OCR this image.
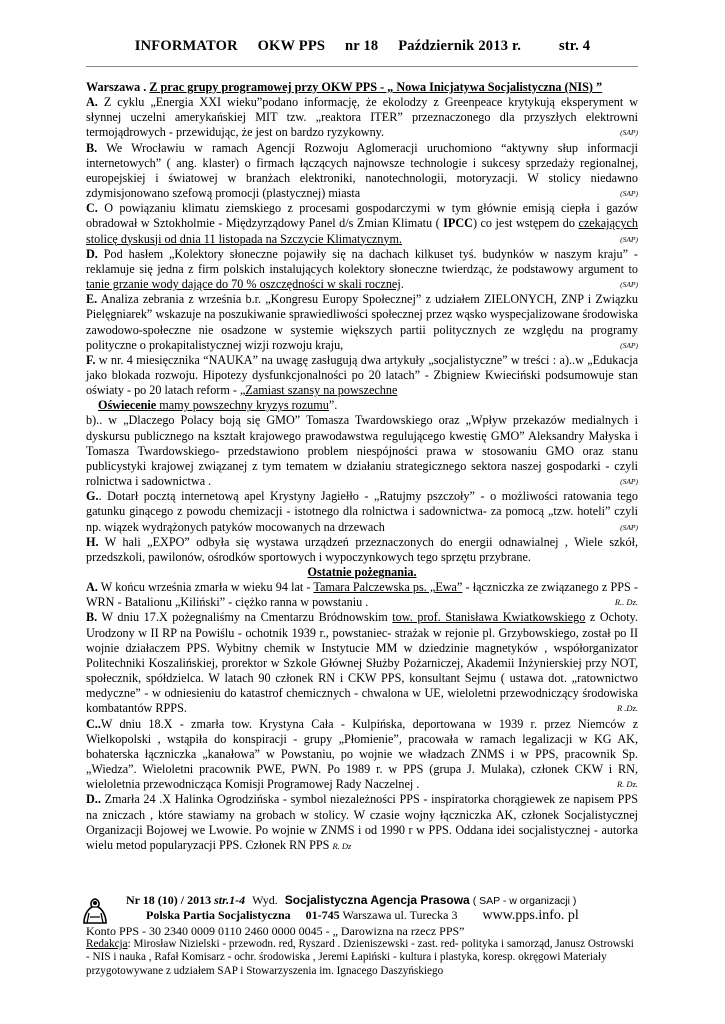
INFORMATOR OKW PPS nr 18 Październik 2013 r.	str. 4

Warszawa . Z prac grupy programowej przy OKW PPS - „ Nowa Inicjatywa Socjalistyczna (NIS) ”

A. Z cyklu „Energia XXI wieku”podano informację, że ekolodzy z Greenpeace krytykują eksperyment w słynnej uczelni amerykańskiej MIT tzw. „reaktora ITER” przeznaczonego dla przyszłych elektrowni termojądrowych - przewidując, że jest on bardzo ryzykowny.	(SAP)

B. We Wrocławiu w ramach Agencji Rozwoju Aglomeracji uruchomiono “aktywny słup informacji internetowych” ( ang. klaster) o firmach łączących najnowsze technologie i sukcesy sprzedaży regionalnej, europejskiej i światowej w branżach elektroniki, nanotechnologii, motoryzacji. W stolicy niedawno zdymisjonowano szefową promocji (plastycznej) miasta	(SAP)

C. O powiązaniu klimatu ziemskiego z procesami gospodarczymi w tym głównie emisją ciepła i gazów obradował w Sztokholmie - Międzyrządowy Panel d/s Zmian Klimatu ( IPCC) co jest wstępem do czekających stolicę dyskusji od dnia 11 listopada na Szczycie Klimatycznym.	(SAP)

D. Pod hasłem „Kolektory słoneczne pojawiły się na dachach kilkuset tyś. budynków w naszym kraju” - reklamuje się jedna z firm polskich instalujących kolektory słoneczne twierdząc, że podstawowy argument to tanie grzanie wody dające do 70 % oszczędności w skali rocznej.	(SAP)

E. Analiza zebrania z września b.r. „Kongresu Europy Społecznej” z udziałem ZIELONYCH, ZNP i Związku Pielęgniarek” wskazuje na poszukiwanie sprawiedliwości społecznej przez wąsko wyspecjalizowane środowiska zawodowo-społeczne nie osadzone w systemie większych partii politycznych ze względu na programy polityczne o prokapitalistycznej wizji rozwoju kraju,	(SAP)

F. w nr. 4 miesięcznika “NAUKA” na uwagę zasługują dwa artykuły „socjalistyczne” w treści : a)..w „Edukacja jako blokada rozwoju. Hipotezy dysfunkcjonalności po 20 latach” - Zbigniew Kwieciński podsumowuje stan oświaty - po 20 latach reform - „Zamiast szansy na powszechne
Oświecenie mamy powszechny kryzys rozumu”.

b).. w „Dlaczego Polacy boją się GMO” Tomasza Twardowskiego oraz „Wpływ przekazów medialnych i dyskursu publicznego na kształt krajowego prawodawstwa regulującego kwestię GMO” Aleksandry Małyska i Tomasza Twardowskiego- przedstawiono problem niespójności prawa w stosowaniu GMO oraz stanu publicystyki krajowej związanej z tym tematem w działaniu strategicznego sektora naszej gospodarki - czyli rolnictwa i sadownictwa .	(SAP)

G.. Dotarł pocztą internetową apel Krystyny Jagiełło - „Ratujmy pszczoły” - o możliwości ratowania tego gatunku ginącego z powodu chemizacji - istotnego dla rolnictwa i sadownictwa- za pomocą „tzw. hoteli” czyli np. wiązek wydrążonych patyków mocowanych na drzewach	(SAP)

H. W hali „EXPO” odbyła się wystawa urządzeń przeznaczonych do energii odnawialnej , Wiele szkół, przedszkoli, pawilonów, ośrodków sportowych i wypoczynkowych tego sprzętu przybrane.

Ostatnie pożegnania.

A. W końcu września zmarła w wieku 94 lat - Tamara Palczewska ps. „Ewa” - łączniczka ze związanego z PPS - WRN - Batalionu „Kiliński” - ciężko ranna w powstaniu .	R.. Dz.

B. W dniu 17.X pożegnaliśmy na Cmentarzu Bródnowskim tow. prof. Stanisława Kwiatkowskiego z Ochoty. Urodzony w II RP na Powiślu - ochotnik 1939 r., powstaniec- strażak w rejonie pl. Grzybowskiego, został po II wojnie działaczem PPS. Wybitny chemik w Instytucie MM w dziedzinie magnetyków , współorganizator Politechniki Koszalińskiej, prorektor w Szkole Głównej Służby Pożarniczej, Akademii Inżynierskiej przy NOT, społecznik, spółdzielca. W latach 90 członek RN i CKW PPS, konsultant Sejmu ( ustawa dot. „ratownictwo medyczne” - w odniesieniu do katastrof chemicznych - chwalona w UE, wieloletni przewodniczący środowiska kombatantów RPPS.	R .Dz.

C..W dniu 18.X - zmarła tow. Krystyna Cała - Kulpińska, deportowana w 1939 r. przez Niemców z Wielkopolski , wstąpiła do konspiracji - grupy „Płomienie”, pracowała w ramach legalizacji w KG AK, bohaterska łączniczka „kanałowa” w Powstaniu, po wojnie we władzach ZNMS i w PPS, pracownik Sp. „Wiedza”. Wieloletni pracownik PWE, PWN. Po 1989 r. w PPS (grupa J. Mulaka), członek CKW i RN, wieloletnia przewodnicząca Komisji Programowej Rady Naczelnej .	R. Dz.

D.. Zmarła 24 .X Halinka Ogrodzińska - symbol niezależności PPS - inspiratorka chorągiewek ze napisem PPS na zniczach , które stawiamy na grobach w stolicy. W czasie wojny łączniczka AK, członek Socjalistycznej Organizacji Bojowej we Lwowie. Po wojnie w ZNMS i od 1990 r w PPS. Oddana idei socjalistycznej - autorka wielu metod popularyzacji PPS. Członek RN PPS R. Dz

Nr 18 (10) / 2013 str.1-4 Wyd. Socjalistyczna Agencja Prasowa ( SAP - w organizacji )
Polska Partia Socjalistyczna 01-745 Warszawa ul. Turecka 3 www.pps.info. pl
Konto PPS - 30 2340 0009 0110 2460 0000 0045 - „ Darowizna na rzecz PPS”
Redakcja: Mirosław Nizielski - przewodn. red, Ryszard . Dzieniszewski - zast. red- polityka i samorząd, Janusz Ostrowski - NIS i nauka , Rafał Komisarz - ochr. środowiska , Jeremi Łapiński - kultura i plastyka, koresp. okręgowi Materiały przygotowywane z udziałem SAP i Stowarzyszenia im. Ignacego Daszyńskiego
